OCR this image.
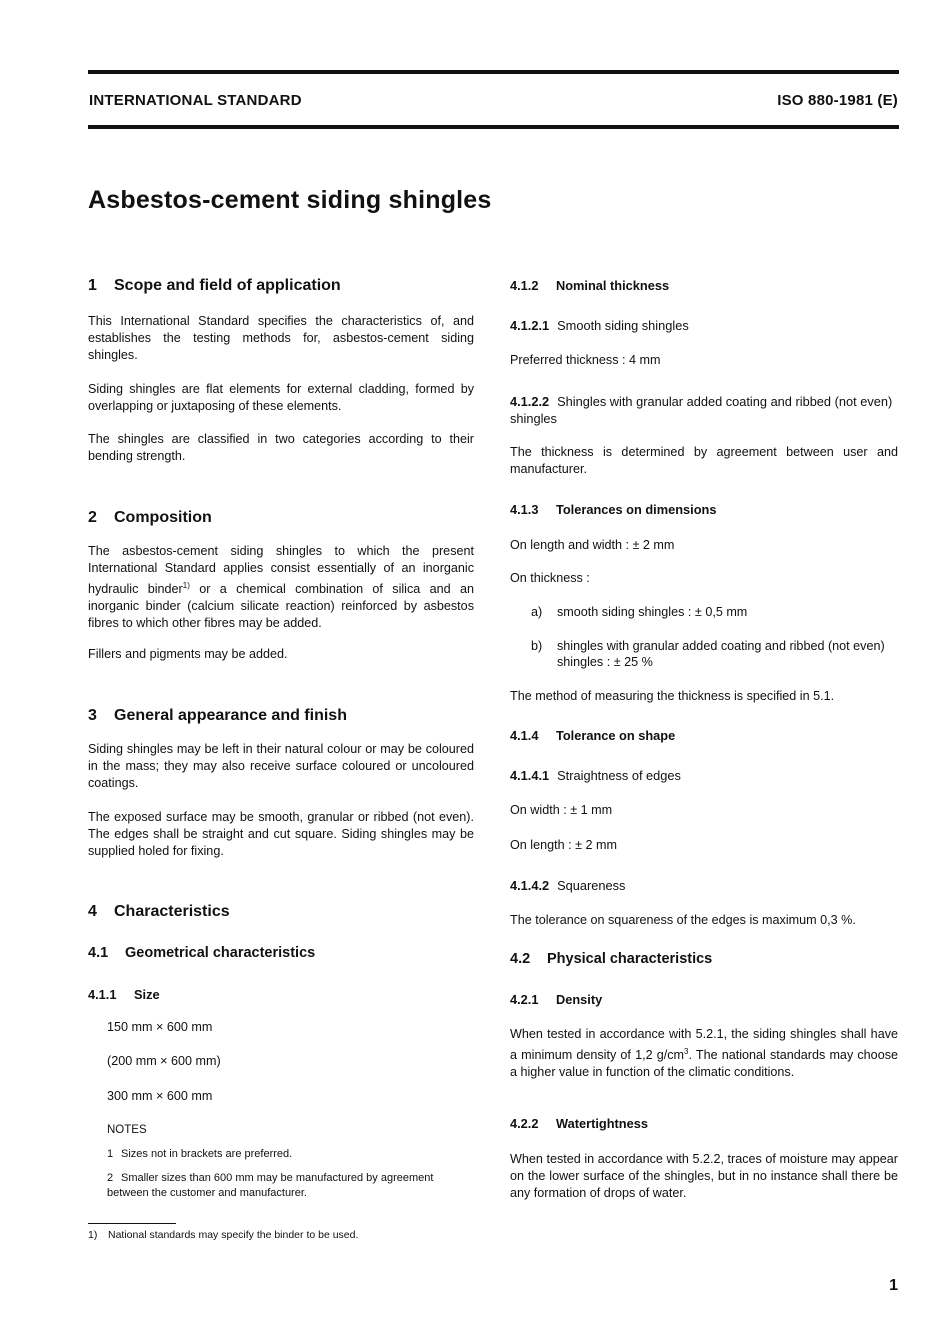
INTERNATIONAL STANDARD	ISO 880-1981 (E)
Asbestos-cement siding shingles
1 Scope and field of application

This International Standard specifies the characteristics of, and establishes the testing methods for, asbestos-cement siding shingles.

Siding shingles are flat elements for external cladding, formed by overlapping or juxtaposing of these elements.

The shingles are classified in two categories according to their bending strength.

2 Composition

The asbestos-cement siding shingles to which the present International Standard applies consist essentially of an inorganic hydraulic binder$^{1)}$ or a chemical combination of silica and an inorganic binder (calcium silicate reaction) reinforced by asbestos fibres to which other fibres may be added.

Fillers and pigments may be added.

3 General appearance and finish

Siding shingles may be left in their natural colour or may be coloured in the mass; they may also receive surface coloured or uncoloured coatings.

The exposed surface may be smooth, granular or ribbed (not even). The edges shall be straight and cut square. Siding shingles may be supplied holed for fixing.

4 Characteristics
4.1 Geometrical characteristics
4.1.1 Size
150 mm × 600 mm
(200 mm × 600 mm)
300 mm × 600 mm
NOTES
1 Sizes not in brackets are preferred.
2 Smaller sizes than 600 mm may be manufactured by agreement between the customer and manufacturer.
4.1.2 Nominal thickness
4.1.2.1 Smooth siding shingles

Preferred thickness : 4 mm

4.1.2.2 Shingles with granular added coating and ribbed (not even) shingles

The thickness is determined by agreement between user and manufacturer.

4.1.3 Tolerances on dimensions

On length and width : ± 2 mm

On thickness :

a) smooth siding shingles : ± 0,5 mm
b) shingles with granular added coating and ribbed (not even) shingles : ± 25 %

The method of measuring the thickness is specified in 5.1.

4.1.4 Tolerance on shape
4.1.4.1 Straightness of edges

On width : ± 1 mm

On length : ± 2 mm

4.1.4.2 Squareness

The tolerance on squareness of the edges is maximum 0,3 %.

4.2 Physical characteristics
4.2.1 Density

When tested in accordance with 5.2.1, the siding shingles shall have a minimum density of 1,2 $g/cm^3$. The national standards may choose a higher value in function of the climatic conditions.

4.2.2 Watertightness

When tested in accordance with 5.2.2, traces of moisture may appear on the lower surface of the shingles, but in no instance shall there be any formation of drops of water.

1) National standards may specify the binder to be used.
1
